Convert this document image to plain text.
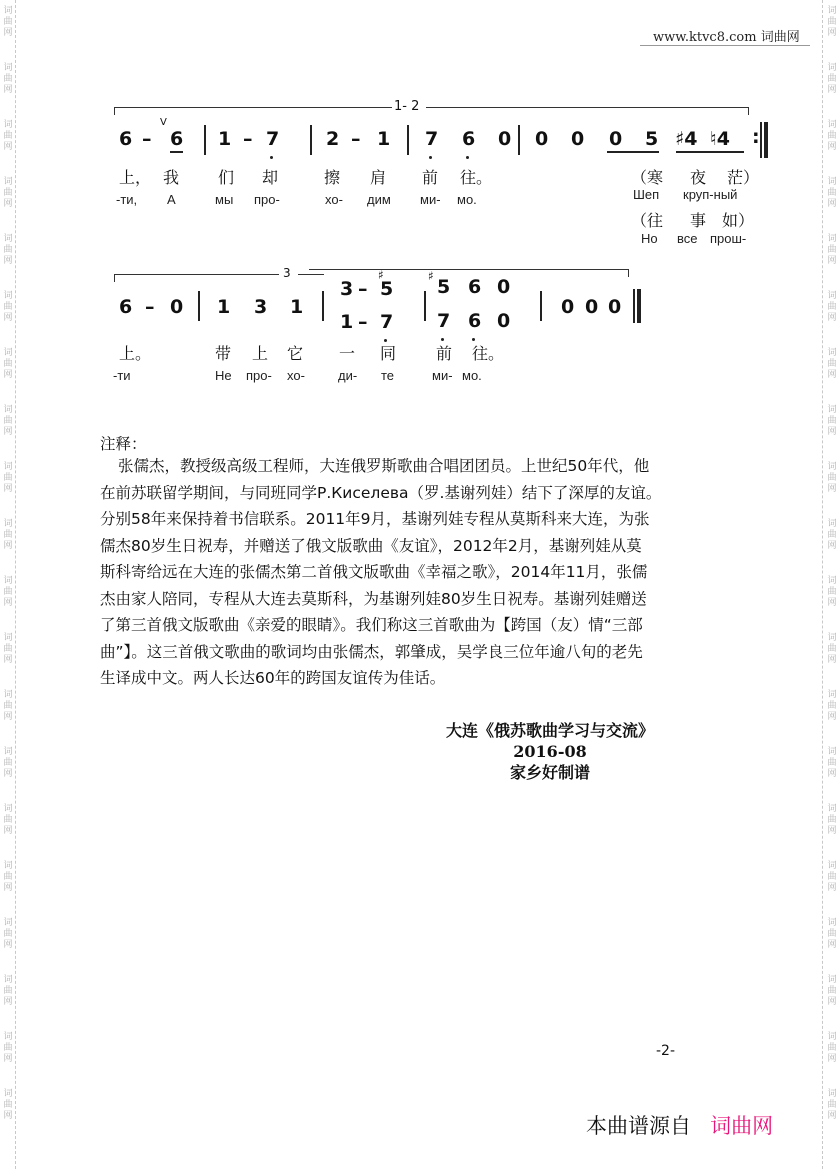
词
曲
网
词
曲
网
词
曲
网
词
曲
网
词
曲
网
词
曲
网
词
曲
网
词
曲
网
词
曲
网
词
曲
网
词
曲
网
词
曲
网
词
曲
网
词
曲
网
词
曲
网
词
曲
网
词
曲
网
词
曲
网
词
曲
网
词
曲
网
词
曲
网
词
曲
网
词
曲
网
词
曲
网
词
曲
网
词
曲
网
词
曲
网
词
曲
网
词
曲
网
词
曲
网
词
曲
网
词
曲
网
词
曲
网
词
曲
网
词
曲
网
词
曲
网
词
曲
网
词
曲
网
词
曲
网
词
曲
网
www.ktvc8.com 词曲网
1- 2
V
6 – 6 1 – 7 2 – 1 7 6 0 0 0 0 5 ♯4 ♮4 :
上， 我 们 却	擦 肩 前 往。
-ти, А	мы про-	хо- дим ми- мо.
（寒 夜 茫）
Шеп круп-ный
（往 事 如）
Но все прош-
3
6 – 0 1 3 1
3 –
♯
5
1 – 7
♯ 5 6 0
7 6 0
0 0 0
上。	带 上 它 一 同 前 往。
-ти	Не про- хо-	ди- те	ми- мо.
注释：
张儒杰，教授级高级工程师，大连俄罗斯歌曲合唱团团员。上世纪50年代，他
在前苏联留学期间，与同班同学Р.Киселева（罗.基谢列娃）结下了深厚的友谊。
分别58年来保持着书信联系。2011年9月，基谢列娃专程从莫斯科来大连，为张
儒杰80岁生日祝寿，并赠送了俄文版歌曲《友谊》，2012年2月，基谢列娃从莫
斯科寄给远在大连的张儒杰第二首俄文版歌曲《幸福之歌》，2014年11月，张儒
杰由家人陪同，专程从大连去莫斯科，为基谢列娃80岁生日祝寿。基谢列娃赠送
了第三首俄文版歌曲《亲爱的眼睛》。我们称这三首歌曲为【跨国（友）情“三部
曲”】。这三首俄文歌曲的歌词均由张儒杰，郭肇成，吴学良三位年逾八旬的老先
生译成中文。两人长达60年的跨国友谊传为佳话。
大连《俄苏歌曲学习与交流》
2016-08
家乡好制谱
-2-
本曲谱源自 词曲网
